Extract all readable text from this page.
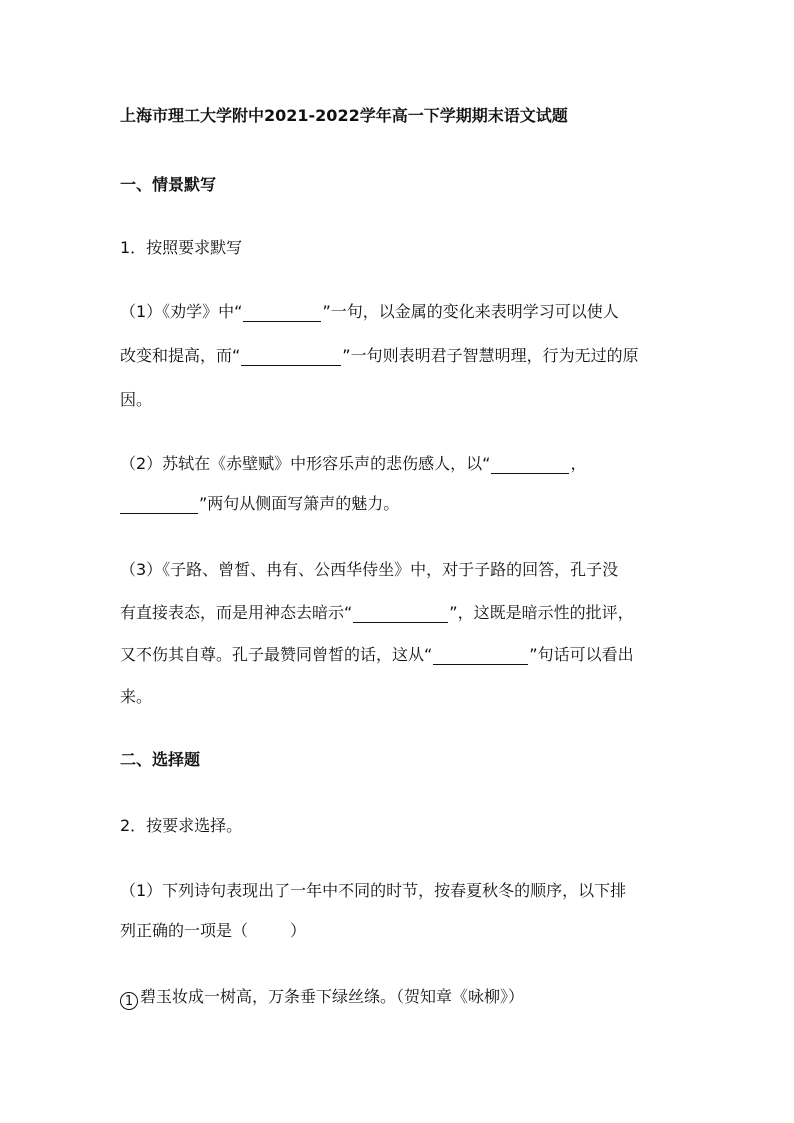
上海市理工大学附中2021-2022学年高一下学期期末语文试题
一、情景默写
1．按照要求默写
（1）《劝学》中“	”一句，以金属的变化来表明学习可以使人
改变和提高，而“	”一句则表明君子智慧明理，行为无过的原
因。
（2）苏轼在《赤壁赋》中形容乐声的悲伤感人，以“	，
”两句从侧面写箫声的魅力。
（3）《子路、曾皙、冉有、公西华侍坐》中，对于子路的回答，孔子没
有直接表态，而是用神态去暗示“	”，这既是暗示性的批评，
又不伤其自尊。孔子最赞同曾皙的话，这从“	”句话可以看出
来。
二、选择题
2．按要求选择。
（1）下列诗句表现出了一年中不同的时节，按春夏秋冬的顺序，以下排
列正确的一项是（	）
1 碧玉妆成一树高，万条垂下绿丝绦。（贺知章《咏柳》）
